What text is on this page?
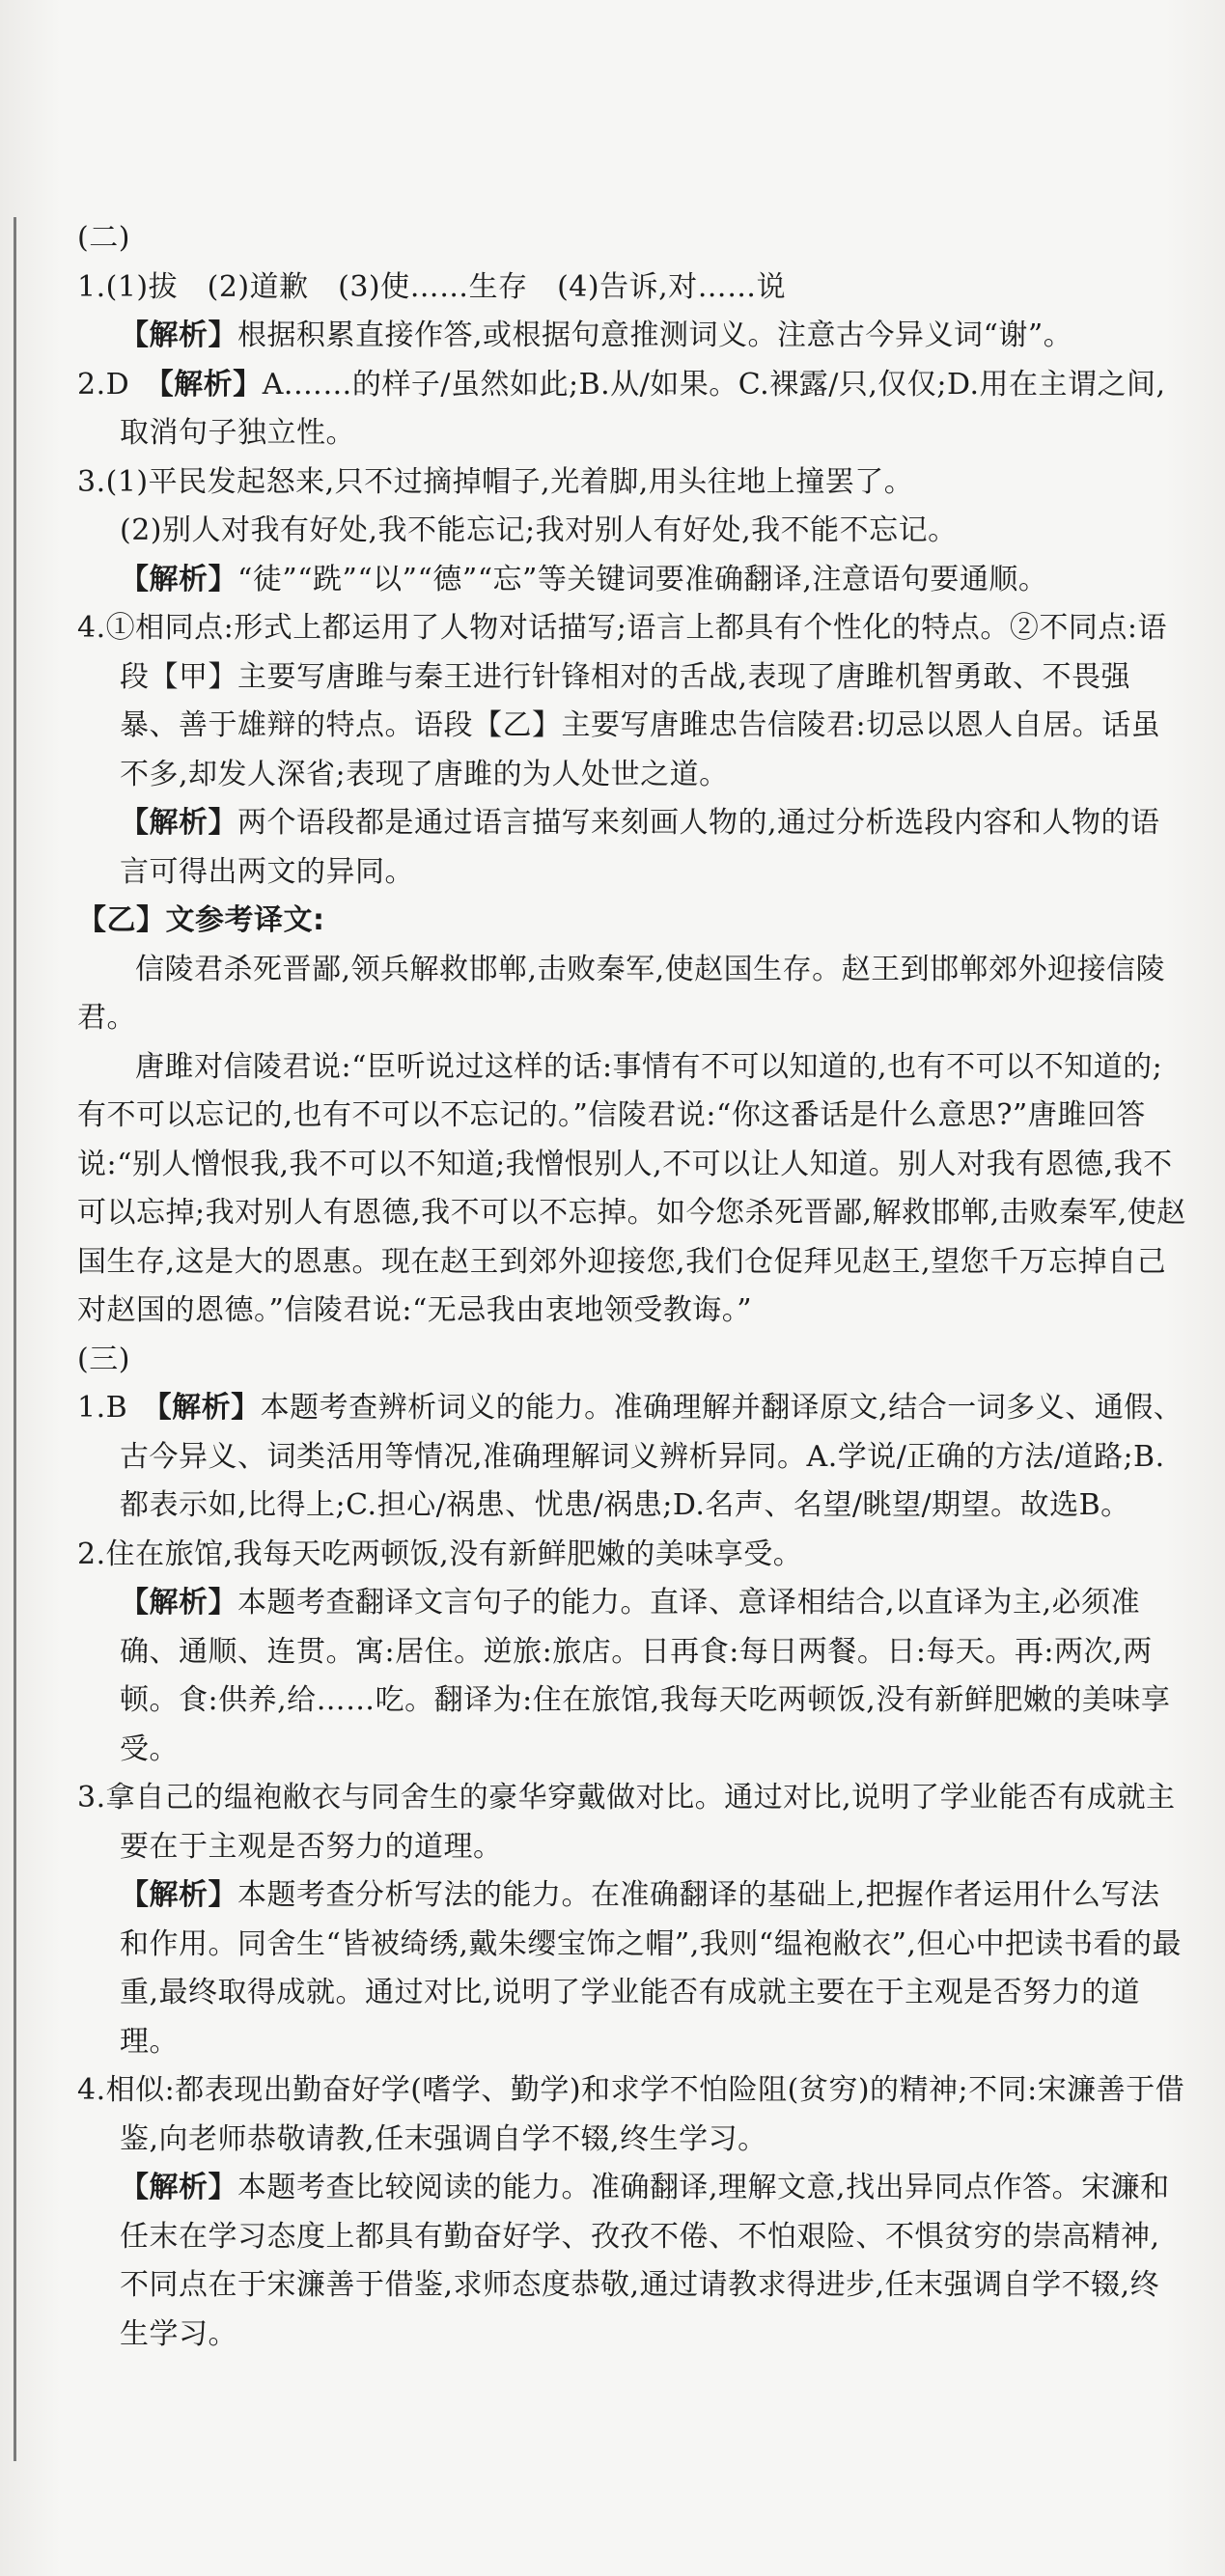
(二)

1.(1)拔　(2)道歉　(3)使……生存　(4)告诉,对……说

【解析】根据积累直接作答,或根据句意推测词义。注意古今异义词“谢”。

2.D　【解析】A.……的样子/虽然如此;B.从/如果。C.裸露/只,仅仅;D.用在主谓之间,取消句子独立性。

3.(1)平民发起怒来,只不过摘掉帽子,光着脚,用头往地上撞罢了。

(2)别人对我有好处,我不能忘记;我对别人有好处,我不能不忘记。

【解析】“徒”“跣”“以”“德”“忘”等关键词要准确翻译,注意语句要通顺。

4.①相同点:形式上都运用了人物对话描写;语言上都具有个性化的特点。②不同点:语段【甲】主要写唐雎与秦王进行针锋相对的舌战,表现了唐雎机智勇敢、不畏强暴、善于雄辩的特点。语段【乙】主要写唐雎忠告信陵君:切忌以恩人自居。话虽不多,却发人深省;表现了唐雎的为人处世之道。

【解析】两个语段都是通过语言描写来刻画人物的,通过分析选段内容和人物的语言可得出两文的异同。

【乙】文参考译文:

信陵君杀死晋鄙,领兵解救邯郸,击败秦军,使赵国生存。赵王到邯郸郊外迎接信陵君。

唐雎对信陵君说:“臣听说过这样的话:事情有不可以知道的,也有不可以不知道的;有不可以忘记的,也有不可以不忘记的。”信陵君说:“你这番话是什么意思?”唐雎回答说:“别人憎恨我,我不可以不知道;我憎恨别人,不可以让人知道。别人对我有恩德,我不可以忘掉;我对别人有恩德,我不可以不忘掉。如今您杀死晋鄙,解救邯郸,击败秦军,使赵国生存,这是大的恩惠。现在赵王到郊外迎接您,我们仓促拜见赵王,望您千万忘掉自己对赵国的恩德。”信陵君说:“无忌我由衷地领受教诲。”

(三)

1.B　【解析】本题考查辨析词义的能力。准确理解并翻译原文,结合一词多义、通假、古今异义、词类活用等情况,准确理解词义辨析异同。A.学说/正确的方法/道路;B.都表示如,比得上;C.担心/祸患、忧患/祸患;D.名声、名望/眺望/期望。故选B。

2.住在旅馆,我每天吃两顿饭,没有新鲜肥嫩的美味享受。

【解析】本题考查翻译文言句子的能力。直译、意译相结合,以直译为主,必须准确、通顺、连贯。寓:居住。逆旅:旅店。日再食:每日两餐。日:每天。再:两次,两顿。食:供养,给……吃。翻译为:住在旅馆,我每天吃两顿饭,没有新鲜肥嫩的美味享受。

3.拿自己的缊袍敝衣与同舍生的豪华穿戴做对比。通过对比,说明了学业能否有成就主要在于主观是否努力的道理。

【解析】本题考查分析写法的能力。在准确翻译的基础上,把握作者运用什么写法和作用。同舍生“皆被绮绣,戴朱缨宝饰之帽”,我则“缊袍敝衣”,但心中把读书看的最重,最终取得成就。通过对比,说明了学业能否有成就主要在于主观是否努力的道理。

4.相似:都表现出勤奋好学(嗜学、勤学)和求学不怕险阻(贫穷)的精神;不同:宋濂善于借鉴,向老师恭敬请教,任末强调自学不辍,终生学习。

【解析】本题考查比较阅读的能力。准确翻译,理解文意,找出异同点作答。宋濂和任末在学习态度上都具有勤奋好学、孜孜不倦、不怕艰险、不惧贫穷的崇高精神,不同点在于宋濂善于借鉴,求师态度恭敬,通过请教求得进步,任末强调自学不辍,终生学习。
